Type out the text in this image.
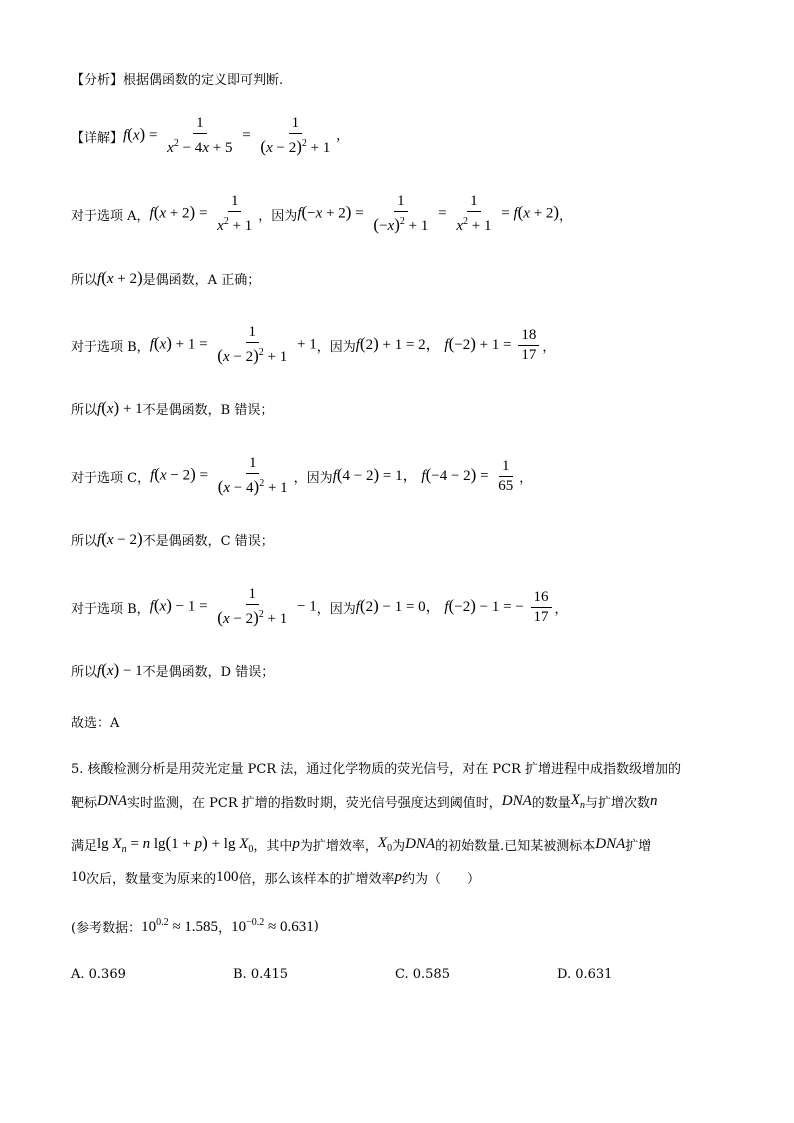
【分析】 根据偶函数的定义即可判断.
【详解】 $f(x) = \frac{1}{x^2 - 4x + 5} = \frac{1}{(x - 2)^2 + 1}$ ,
对于选项 A， $f(x + 2) = \frac{1}{x^2 + 1}$ ，因为 $f(-x + 2) = \frac{1}{(-x)^2 + 1} = \frac{1}{x^2 + 1} = f(x + 2)$ ，
所以 f(x + 2) 是偶函数，A 正确；
对于选项 B， $f(x) + 1 = \frac{1}{(x - 2)^2 + 1} + 1$ ，因为 f(2) + 1 = 2， $f(-2) + 1 = \frac{18}{17}$ ，
所以 f(x) + 1 不是偶函数，B 错误；
对于选项 C， $f(x - 2) = \frac{1}{(x - 4)^2 + 1}$ ，因为 f(4 − 2) = 1， $f(-4 - 2) = \frac{1}{65}$ ，
所以 f(x − 2) 不是偶函数，C 错误；
对于选项 B， $f(x) - 1 = \frac{1}{(x - 2)^2 + 1} - 1$ ，因为 f(2) − 1 = 0， f(−2) − 1 = − $\frac{16}{17}$ ，
所以 f(x) − 1 不是偶函数，D 错误；
故选：A
5. 核酸检测分析是用荧光定量 PCR 法，通过化学物质的荧光信号，对在 PCR 扩增进程中成指数级增加的
靶标 DNA 实时监测，在 PCR 扩增的指数时期，荧光信号强度达到阈值时， DNA 的数量 $X_n$ 与扩增次数 n
满足 $\lg X_n = n$ $\lg(1 + p) + \lg X_0$ ，其中 p 为扩增效率， $X_0$ 为 DNA 的初始数量.已知某被测标本 DNA 扩增
10 次后，数量变为原来的 100 倍，那么该样本的扩增效率 p 约为（　　）
(参考数据： $10^{0.2} \approx 1.585$ ， $10^{-0.2} \approx 0.631$ )
A. 0.369	B. 0.415	C. 0.585	D. 0.631
